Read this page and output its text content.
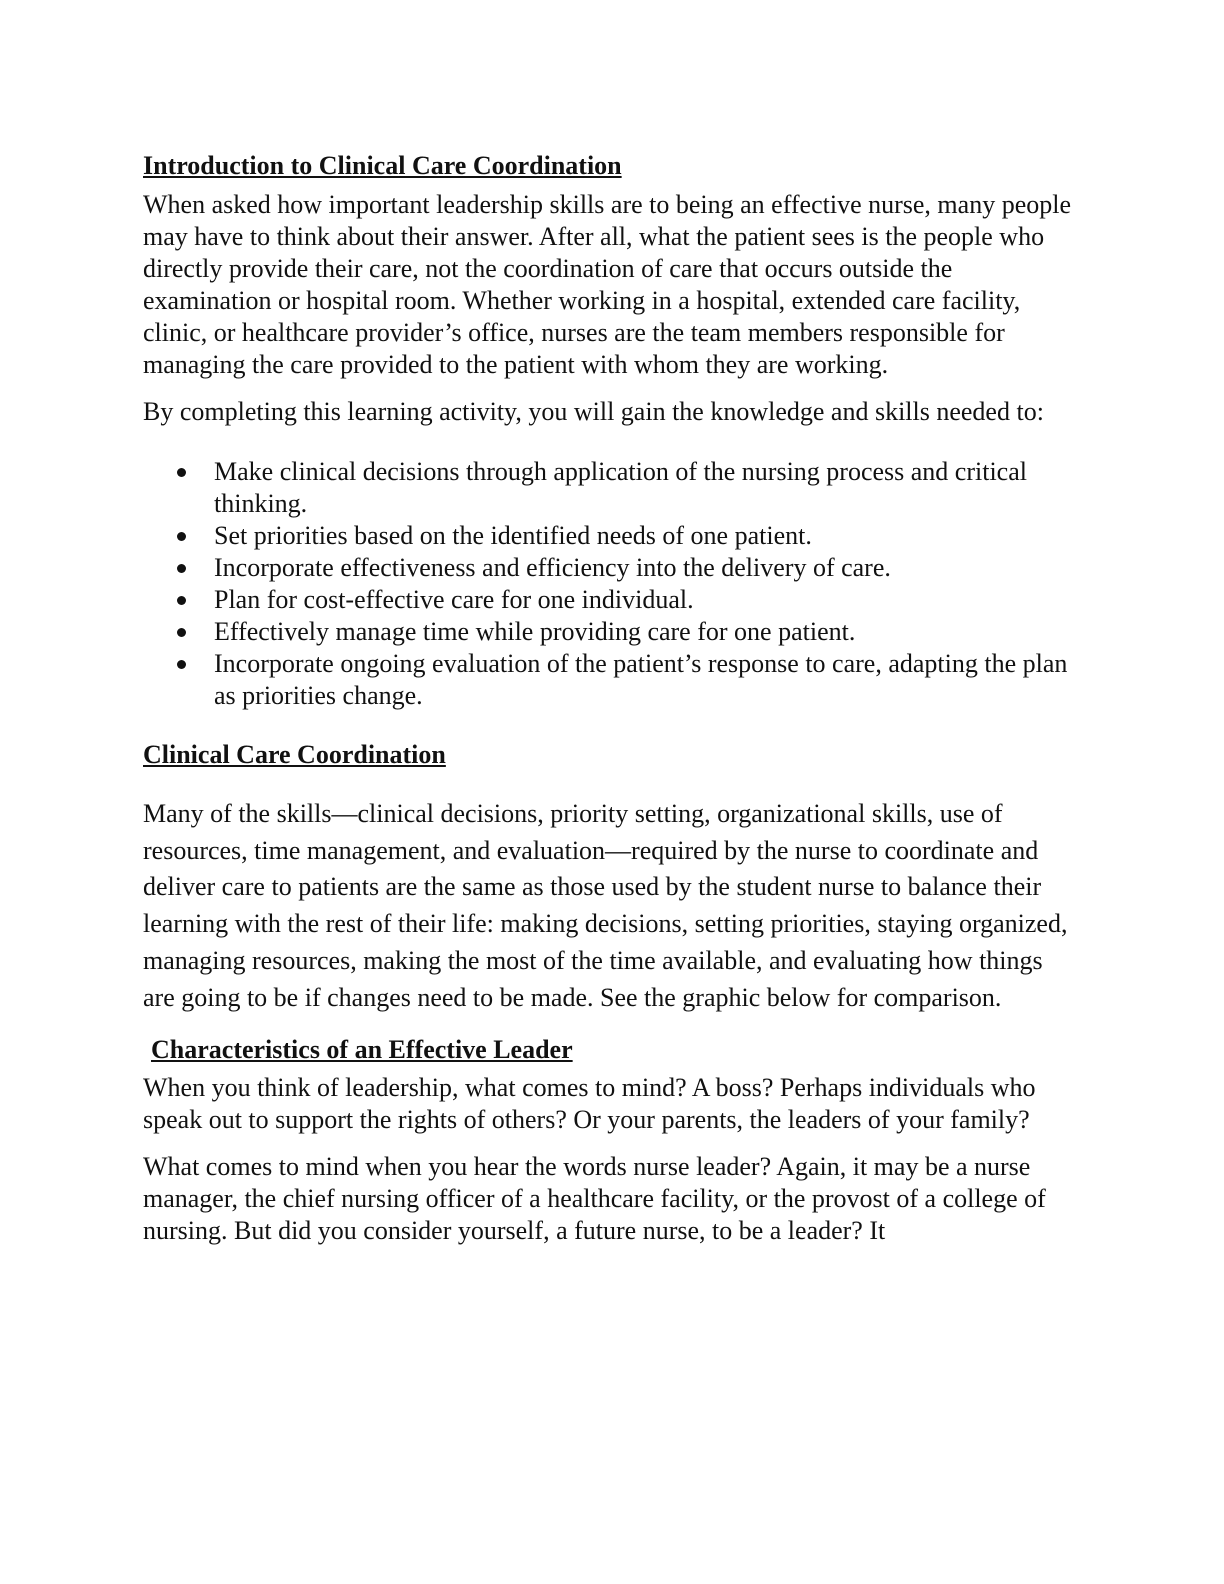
Introduction to Clinical Care Coordination

When asked how important leadership skills are to being an effective nurse, many people may have to think about their answer. After all, what the patient sees is the people who directly provide their care, not the coordination of care that occurs outside the examination or hospital room. Whether working in a hospital, extended care facility, clinic, or healthcare provider’s office, nurses are the team members responsible for managing the care provided to the patient with whom they are working.

By completing this learning activity, you will gain the knowledge and skills needed to:

Make clinical decisions through application of the nursing process and critical thinking.
Set priorities based on the identified needs of one patient.
Incorporate effectiveness and efficiency into the delivery of care.
Plan for cost-effective care for one individual.
Effectively manage time while providing care for one patient.
Incorporate ongoing evaluation of the patient’s response to care, adapting the plan as priorities change.
Clinical Care Coordination

Many of the skills—clinical decisions, priority setting, organizational skills, use of resources, time management, and evaluation—required by the nurse to coordinate and deliver care to patients are the same as those used by the student nurse to balance their learning with the rest of their life: making decisions, setting priorities, staying organized, managing resources, making the most of the time available, and evaluating how things are going to be if changes need to be made. See the graphic below for comparison.

Characteristics of an Effective Leader

When you think of leadership, what comes to mind? A boss? Perhaps individuals who speak out to support the rights of others? Or your parents, the leaders of your family?

What comes to mind when you hear the words nurse leader? Again, it may be a nurse manager, the chief nursing officer of a healthcare facility, or the provost of a college of nursing. But did you consider yourself, a future nurse, to be a leader? It
